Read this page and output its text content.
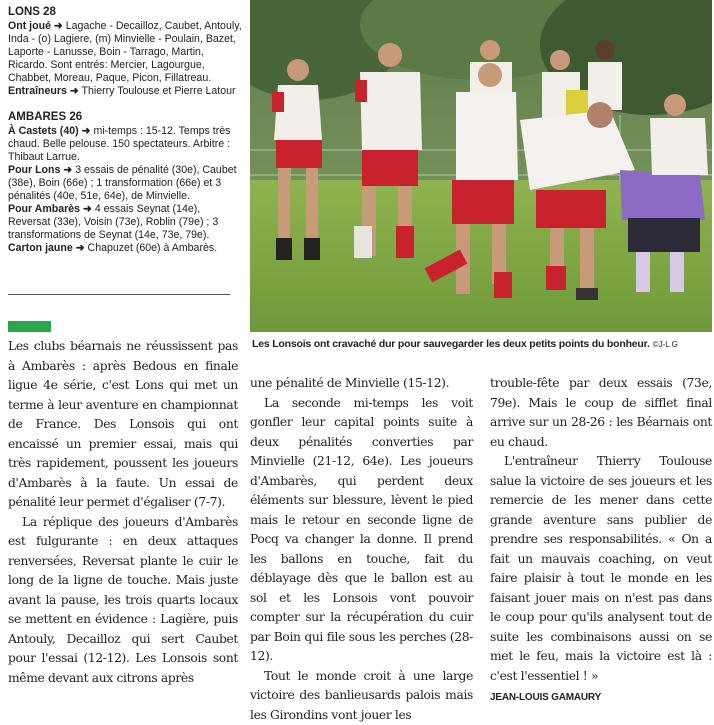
LONS 28

Ont joué ➜ Lagache - Decailloz, Caubet, Antouly, Inda - (o) Lagiere, (m) Minvielle - Poulain, Bazet, Laporte - Lanusse, Boin - Tarrago, Martin, Ricardo. Sont entrés: Mercier, Lagourgue, Chabbet, Moreau, Paque, Picon, Fillatreau.

Entraîneurs ➜ Thierry Toulouse et Pierre Latour

AMBARES 26

À Castets (40) ➜ mi-temps : 15-12. Temps très chaud. Belle pelouse. 150 spectateurs. Arbitre : Thibaut Larrue.

Pour Lons ➜ 3 essais de pénalité (30e), Caubet (38e), Boin (66e) ; 1 transformation (66e) et 3 pénalités (40e, 51e, 64e), de Minvielle.

Pour Ambarès ➜ 4 essais Seynat (14e), Reversat (33e), Voisin (73e), Roblin (79e) ; 3 transformations de Seynat (14e, 73e, 79e).

Carton jaune ➜ Chapuzet (60e) à Ambarès.

Les Lonsois ont cravaché dur pour sauvegarder les deux petits points du bonheur. ©J-L G

Les clubs béarnais ne réussissent pas à Ambarès : après Bedous en finale ligue 4e série, c'est Lons qui met un terme à leur aventure en championnat de France. Des Lonsois qui ont encaissé un premier essai, mais qui très rapidement, poussent les joueurs d'Ambarès à la faute. Un essai de pénalité leur permet d'égaliser (7-7).

La réplique des joueurs d'Ambarès est fulgurante : en deux attaques renversées, Reversat plante le cuir le long de la ligne de touche. Mais juste avant la pause, les trois quarts locaux se mettent en évidence : Lagière, puis Antouly, Decailloz qui sert Caubet pour l'essai (12-12). Les Lonsois sont même devant aux citrons après

une pénalité de Minvielle (15-12).

La seconde mi-temps les voit gonfler leur capital points suite à deux pénalités converties par Minvielle (21-12, 64e). Les joueurs d'Ambarès, qui perdent deux éléments sur blessure, lèvent le pied mais le retour en seconde ligne de Pocq va changer la donne. Il prend les ballons en touche, fait du déblayage dès que le ballon est au sol et les Lonsois vont pouvoir compter sur la récupération du cuir par Boin qui file sous les perches (28-12).

Tout le monde croit à une large victoire des banlieusards palois mais les Girondins vont jouer les

trouble-fête par deux essais (73e, 79e). Mais le coup de sifflet final arrive sur un 28-26 : les Béarnais ont eu chaud.

L'entraîneur Thierry Toulouse salue la victoire de ses joueurs et les remercie de les mener dans cette grande aventure sans publier de prendre ses responsabilités. « On a fait un mauvais coaching, on veut faire plaisir à tout le monde en les faisant jouer mais on n'est pas dans le coup pour qu'ils analysent tout de suite les combinaisons aussi on se met le feu, mais la victoire est là : c'est l'essentiel ! »

JEAN-LOUIS GAMAURY
